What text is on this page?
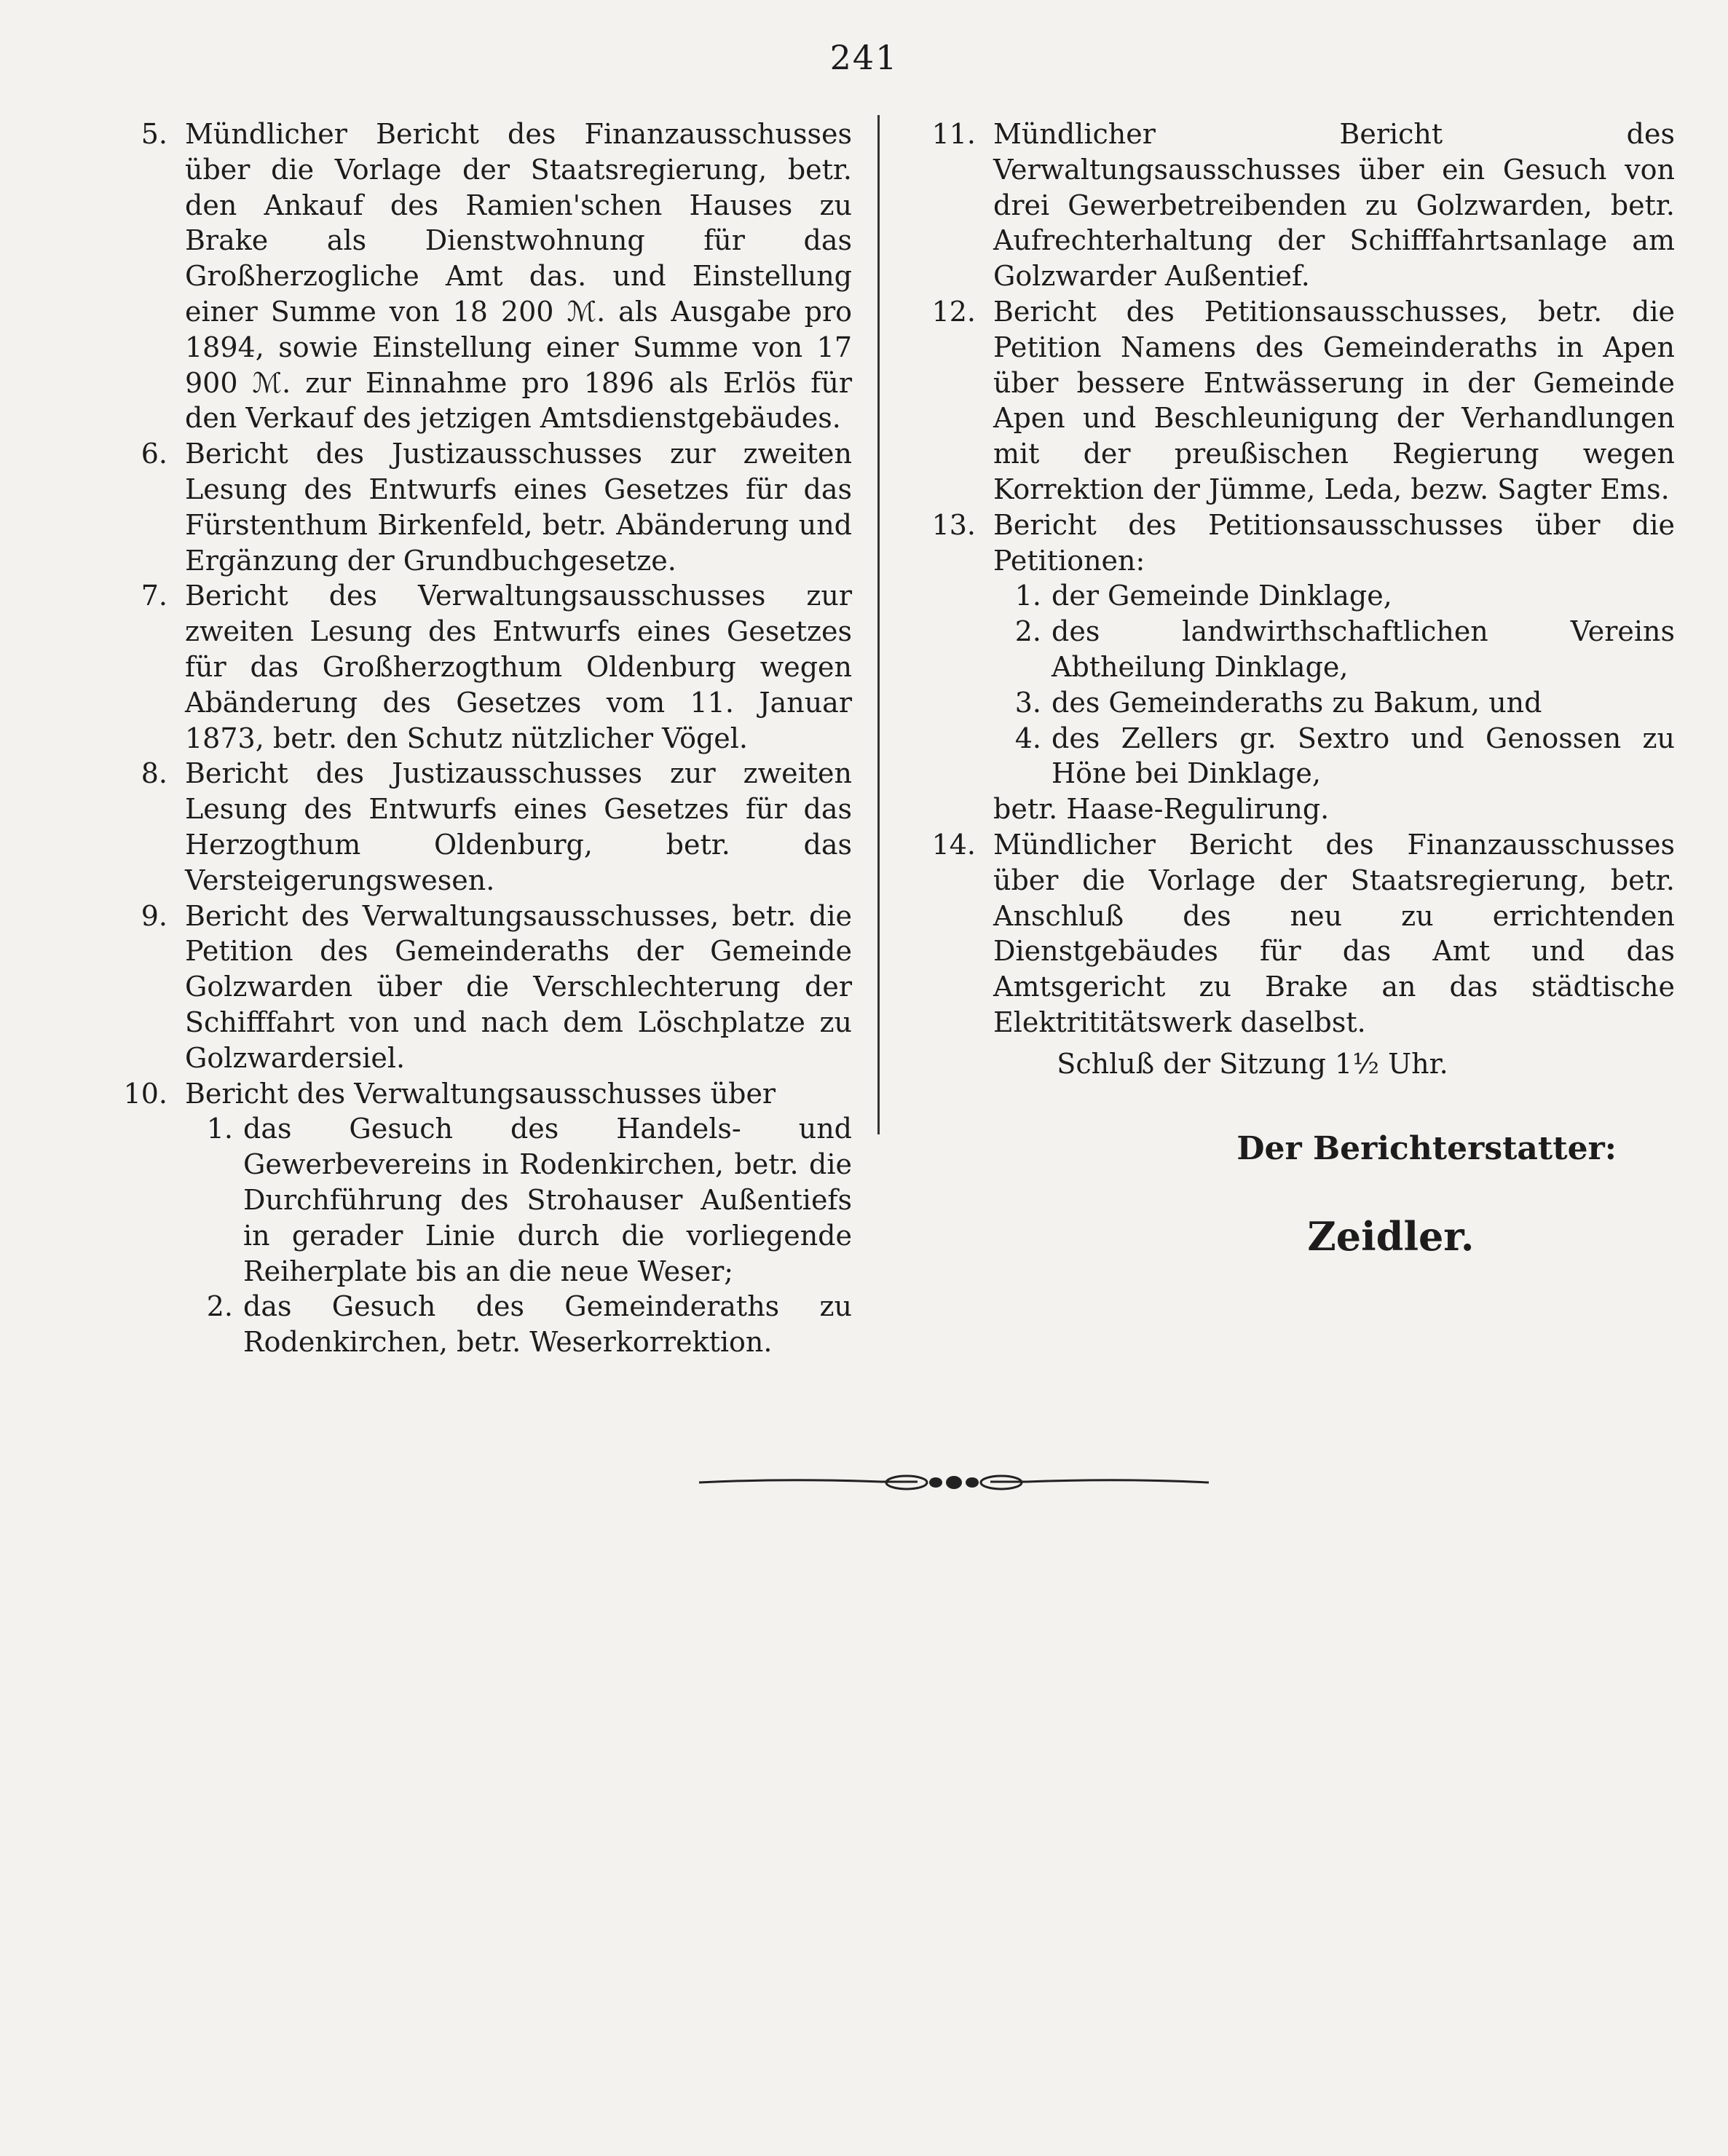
241
5. Mündlicher Bericht des Finanzausschusses über die Vorlage der Staatsregierung, betr. den Ankauf des Ramien'schen Hauses zu Brake als Dienstwohnung für das Großherzogliche Amt das. und Einstellung einer Summe von 18 200 ℳ. als Ausgabe pro 1894, sowie Einstellung einer Summe von 17 900 ℳ. zur Einnahme pro 1896 als Erlös für den Verkauf des jetzigen Amtsdienstgebäudes.
6. Bericht des Justizausschusses zur zweiten Lesung des Entwurfs eines Gesetzes für das Fürstenthum Birkenfeld, betr. Abänderung und Ergänzung der Grundbuchgesetze.
7. Bericht des Verwaltungsausschusses zur zweiten Lesung des Entwurfs eines Gesetzes für das Großherzogthum Oldenburg wegen Abänderung des Gesetzes vom 11. Januar 1873, betr. den Schutz nützlicher Vögel.
8. Bericht des Justizausschusses zur zweiten Lesung des Entwurfs eines Gesetzes für das Herzogthum Oldenburg, betr. das Versteigerungswesen.
9. Bericht des Verwaltungsausschusses, betr. die Petition des Gemeinderaths der Gemeinde Golzwarden über die Verschlechterung der Schifffahrt von und nach dem Löschplatze zu Golzwardersiel.
10. Bericht des Verwaltungsausschusses über
1. das Gesuch des Handels- und Gewerbevereins in Rodenkirchen, betr. die Durchführung des Strohauser Außentiefs in gerader Linie durch die vorliegende Reiherplate bis an die neue Weser;
2. das Gesuch des Gemeinderaths zu Rodenkirchen, betr. Weserkorrektion.
11. Mündlicher Bericht des Verwaltungsausschusses über ein Gesuch von drei Gewerbetreibenden zu Golzwarden, betr. Aufrechterhaltung der Schifffahrtsanlage am Golzwarder Außentief.
12. Bericht des Petitionsausschusses, betr. die Petition Namens des Gemeinderaths in Apen über bessere Entwässerung in der Gemeinde Apen und Beschleunigung der Verhandlungen mit der preußischen Regierung wegen Korrektion der Jümme, Leda, bezw. Sagter Ems.
13. Bericht des Petitionsausschusses über die Petitionen:
1. der Gemeinde Dinklage,
2. des landwirthschaftlichen Vereins Abtheilung Dinklage,
3. des Gemeinderaths zu Bakum, und
4. des Zellers gr. Sextro und Genossen zu Höne bei Dinklage,
betr. Haase-Regulirung.
14. Mündlicher Bericht des Finanzausschusses über die Vorlage der Staatsregierung, betr. Anschluß des neu zu errichtenden Dienstgebäudes für das Amt und das Amtsgericht zu Brake an das städtische Elektrititätswerk daselbst.
Schluß der Sitzung 1½ Uhr.
Der Berichterstatter:
Zeidler.
